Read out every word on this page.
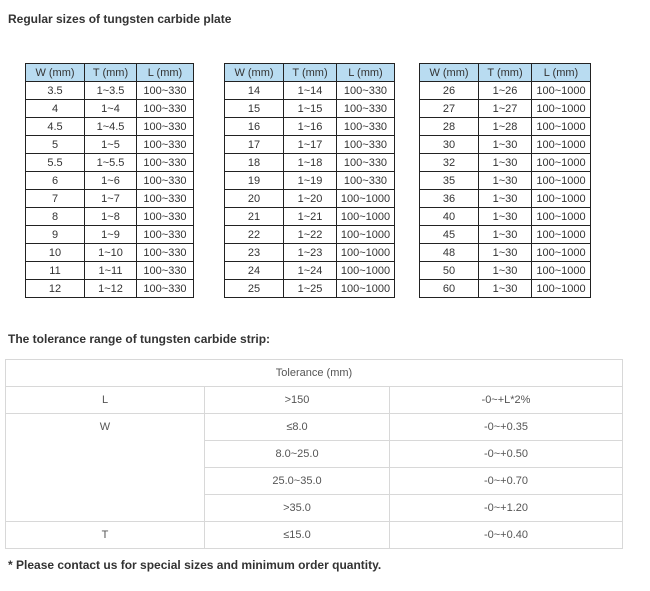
Regular sizes of tungsten carbide plate
W (mm)	T (mm)	L (mm)
3.5	1~3.5	100~330
4	1~4	100~330
4.5	1~4.5	100~330
5	1~5	100~330
5.5	1~5.5	100~330
6	1~6	100~330
7	1~7	100~330
8	1~8	100~330
9	1~9	100~330
10	1~10	100~330
11	1~11	100~330
12	1~12	100~330
W (mm)	T (mm)	L (mm)
14	1~14	100~330
15	1~15	100~330
16	1~16	100~330
17	1~17	100~330
18	1~18	100~330
19	1~19	100~330
20	1~20	100~1000
21	1~21	100~1000
22	1~22	100~1000
23	1~23	100~1000
24	1~24	100~1000
25	1~25	100~1000
W (mm)	T (mm)	L (mm)
26	1~26	100~1000
27	1~27	100~1000
28	1~28	100~1000
30	1~30	100~1000
32	1~30	100~1000
35	1~30	100~1000
36	1~30	100~1000
40	1~30	100~1000
45	1~30	100~1000
48	1~30	100~1000
50	1~30	100~1000
60	1~30	100~1000
The tolerance range of tungsten carbide strip:
Tolerance (mm)		
L	>150	-0~+L*2%
W	≤8.0	-0~+0.35
	8.0~25.0	-0~+0.50
	25.0~35.0	-0~+0.70
	>35.0	-0~+1.20
T	≤15.0	-0~+0.40
* Please contact us for special sizes and minimum order quantity.
